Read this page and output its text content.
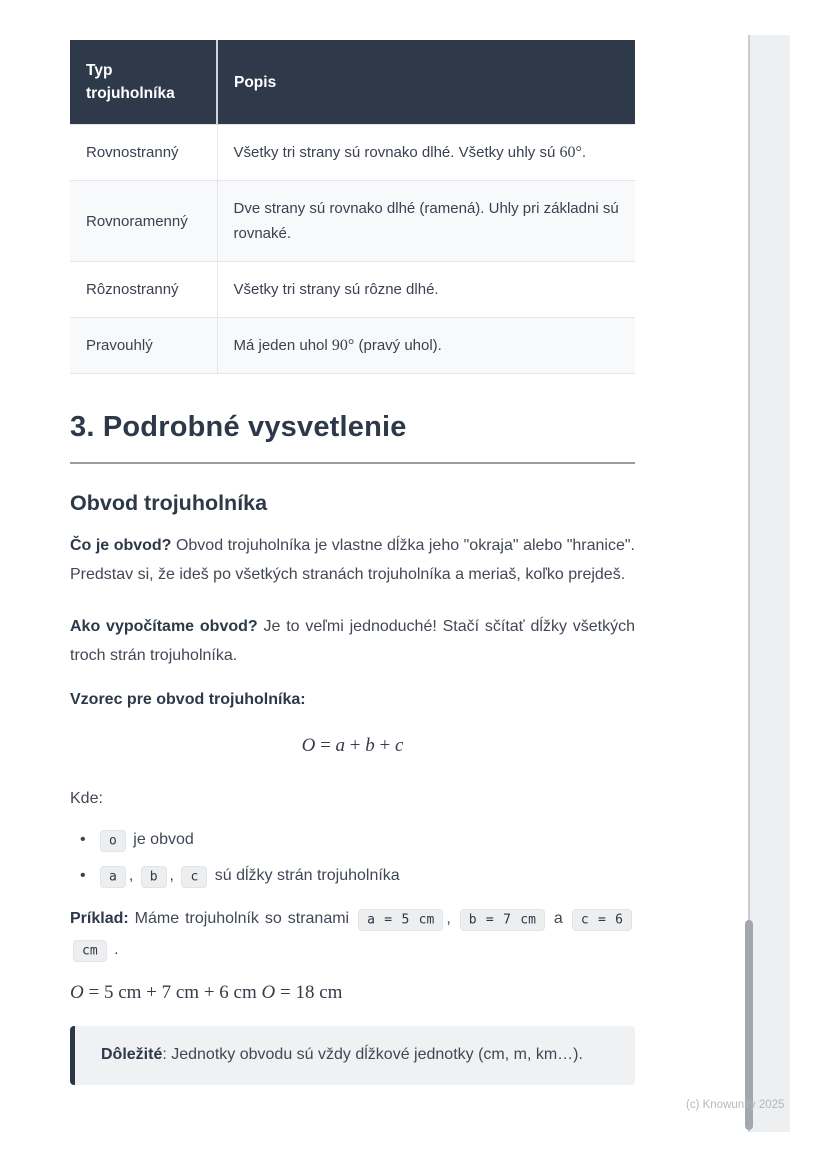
Typ trojuholníka	Popis
Rovnostranný	Všetky tri strany sú rovnako dlhé. Všetky uhly sú 60°.
Rovnoramenný	Dve strany sú rovnako dlhé (ramená). Uhly pri základni sú rovnaké.
Rôznostranný	Všetky tri strany sú rôzne dlhé.
Pravouhlý	Má jeden uhol 90° (pravý uhol).
3. Podrobné vysvetlenie
Obvod trojuholníka

Čo je obvod? Obvod trojuholníka je vlastne dĺžka jeho "okraja" alebo "hranice". Predstav si, že ideš po všetkých stranách trojuholníka a meriaš, koľko prejdeš.

Ako vypočítame obvod? Je to veľmi jednoduché! Stačí sčítať dĺžky všetkých troch strán trojuholníka.

Vzorec pre obvod trojuholníka:

O = a + b + c

Kde:

• o je obvod
• a , b , c sú dĺžky strán trojuholníka

Príklad: Máme trojuholník so stranami a = 5 cm , b = 7 cm a c = 6 cm .

O = 5 cm + 7 cm + 6 cm O = 18 cm
Dôležité: Jednotky obvodu sú vždy dĺžkové jednotky (cm, m, km…).
(c) Knowunity 2025
